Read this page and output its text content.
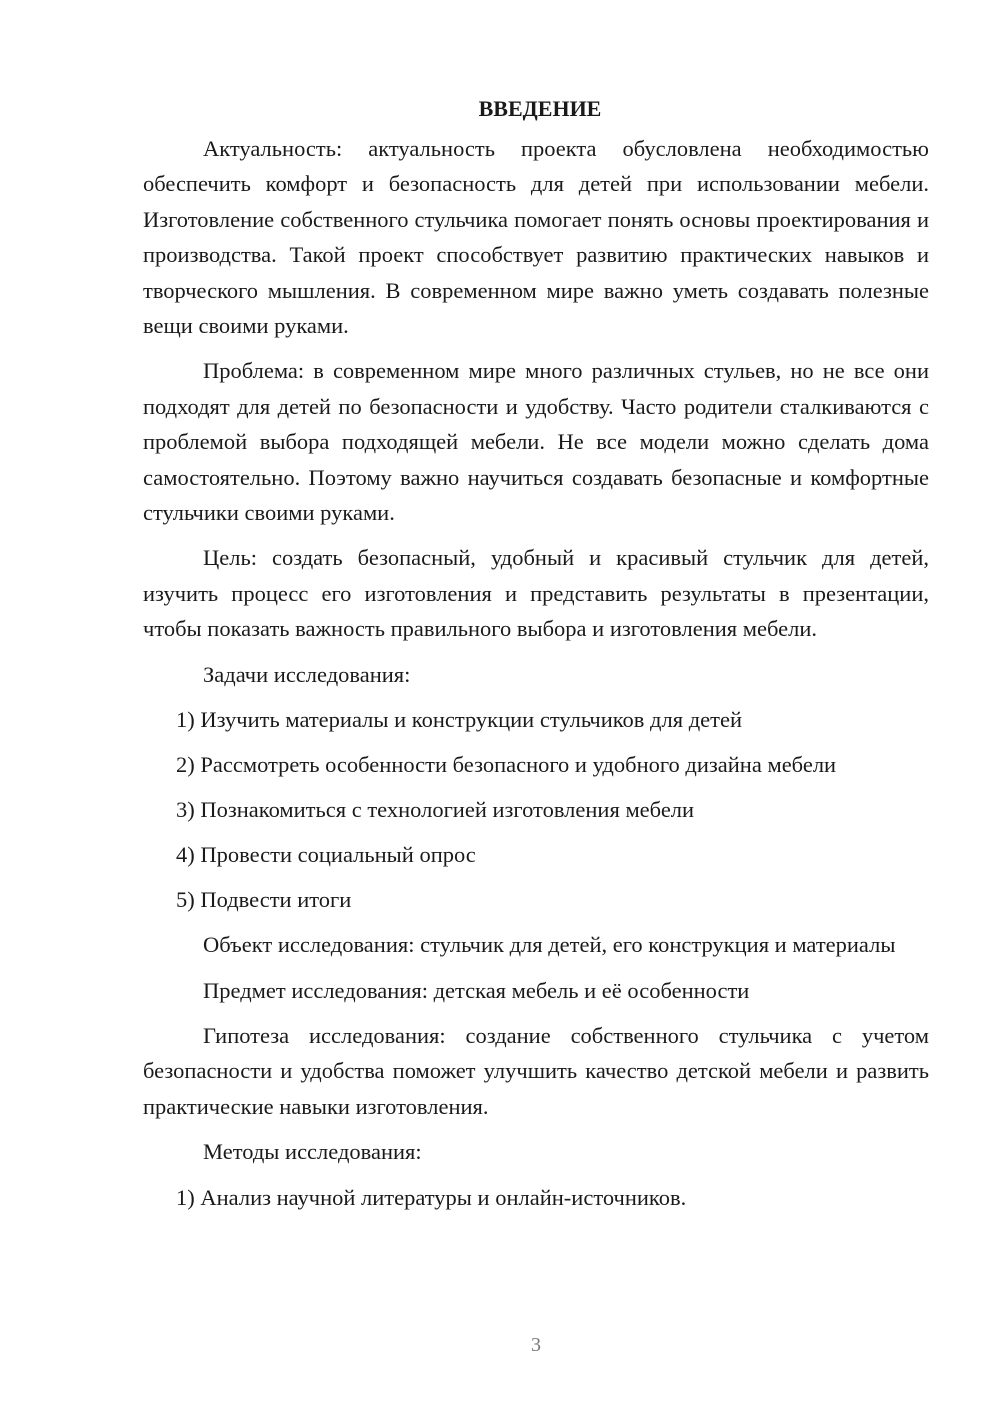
ВВЕДЕНИЕ

Актуальность: актуальность проекта обусловлена необходимостью обеспечить комфорт и безопасность для детей при использовании мебели. Изготовление собственного стульчика помогает понять основы проектирования и производства. Такой проект способствует развитию практических навыков и творческого мышления. В современном мире важно уметь создавать полезные вещи своими руками.

Проблема: в современном мире много различных стульев, но не все они подходят для детей по безопасности и удобству. Часто родители сталкиваются с проблемой выбора подходящей мебели. Не все модели можно сделать дома самостоятельно. Поэтому важно научиться создавать безопасные и комфортные стульчики своими руками.

Цель: создать безопасный, удобный и красивый стульчик для детей, изучить процесс его изготовления и представить результаты в презентации, чтобы показать важность правильного выбора и изготовления мебели.

Задачи исследования:

1) Изучить материалы и конструкции стульчиков для детей

2) Рассмотреть особенности безопасного и удобного дизайна мебели

3) Познакомиться с технологией изготовления мебели

4) Провести социальный опрос

5) Подвести итоги

Объект исследования: стульчик для детей, его конструкция и материалы

Предмет исследования: детская мебель и её особенности

Гипотеза исследования: создание собственного стульчика с учетом безопасности и удобства поможет улучшить качество детской мебели и развить практические навыки изготовления.

Методы исследования:

1) Анализ научной литературы и онлайн-источников.

3
